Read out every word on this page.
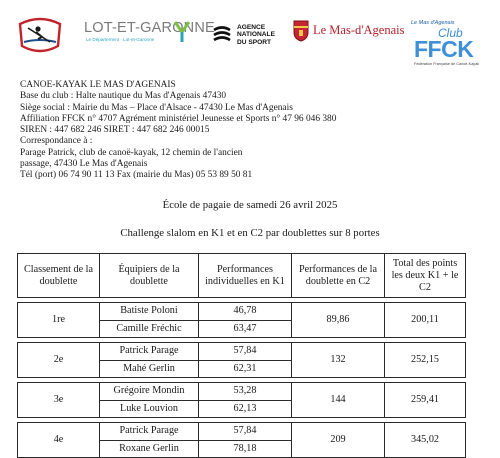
LOT-ET-GARONNE
Le Département · Lot-et-Garonne
AGENCE
NATIONALE
DU SPORT
Le Mas-d'Agenais Le Mas d'Agenais
Club
FFCK
Fédération Française de Canoë-Kayak
CANOE-KAYAK LE MAS D'AGENAIS
Base du club : Halte nautique du Mas d'Agenais 47430
Siège social : Mairie du Mas – Place d'Alsace - 47430 Le Mas d'Agenais
Affiliation FFCK n° 4707 Agrément ministériel Jeunesse et Sports n° 47 96 046 380
SIREN : 447 682 246 SIRET : 447 682 246 00015
Correspondance à :
Parage Patrick, club de canoë-kayak, 12 chemin de l'ancien
passage, 47430 Le Mas d'Agenais
Tél (port) 06 74 90 11 13 Fax (mairie du Mas) 05 53 89 50 81
École de pagaie de samedi 26 avril 2025
Challenge slalom en K1 et en C2 par doublettes sur 8 portes
Classement de la doublette	Équipiers de la doublette	Performances individuelles en K1	Performances de la doublette en C2	Total des points les deux K1 + le C2

1re	Batiste Poloni	46,78	89,86	200,11
	Camille Fréchic	63,47		

2e	Patrick Parage	57,84	132	252,15
	Mahé Gerlin	62,31		

3e	Grégoire Mondin	53,28	144	259,41
	Luke Louvion	62,13		

4e	Patrick Parage	57,84	209	345,02
	Roxane Gerlin	78,18		
